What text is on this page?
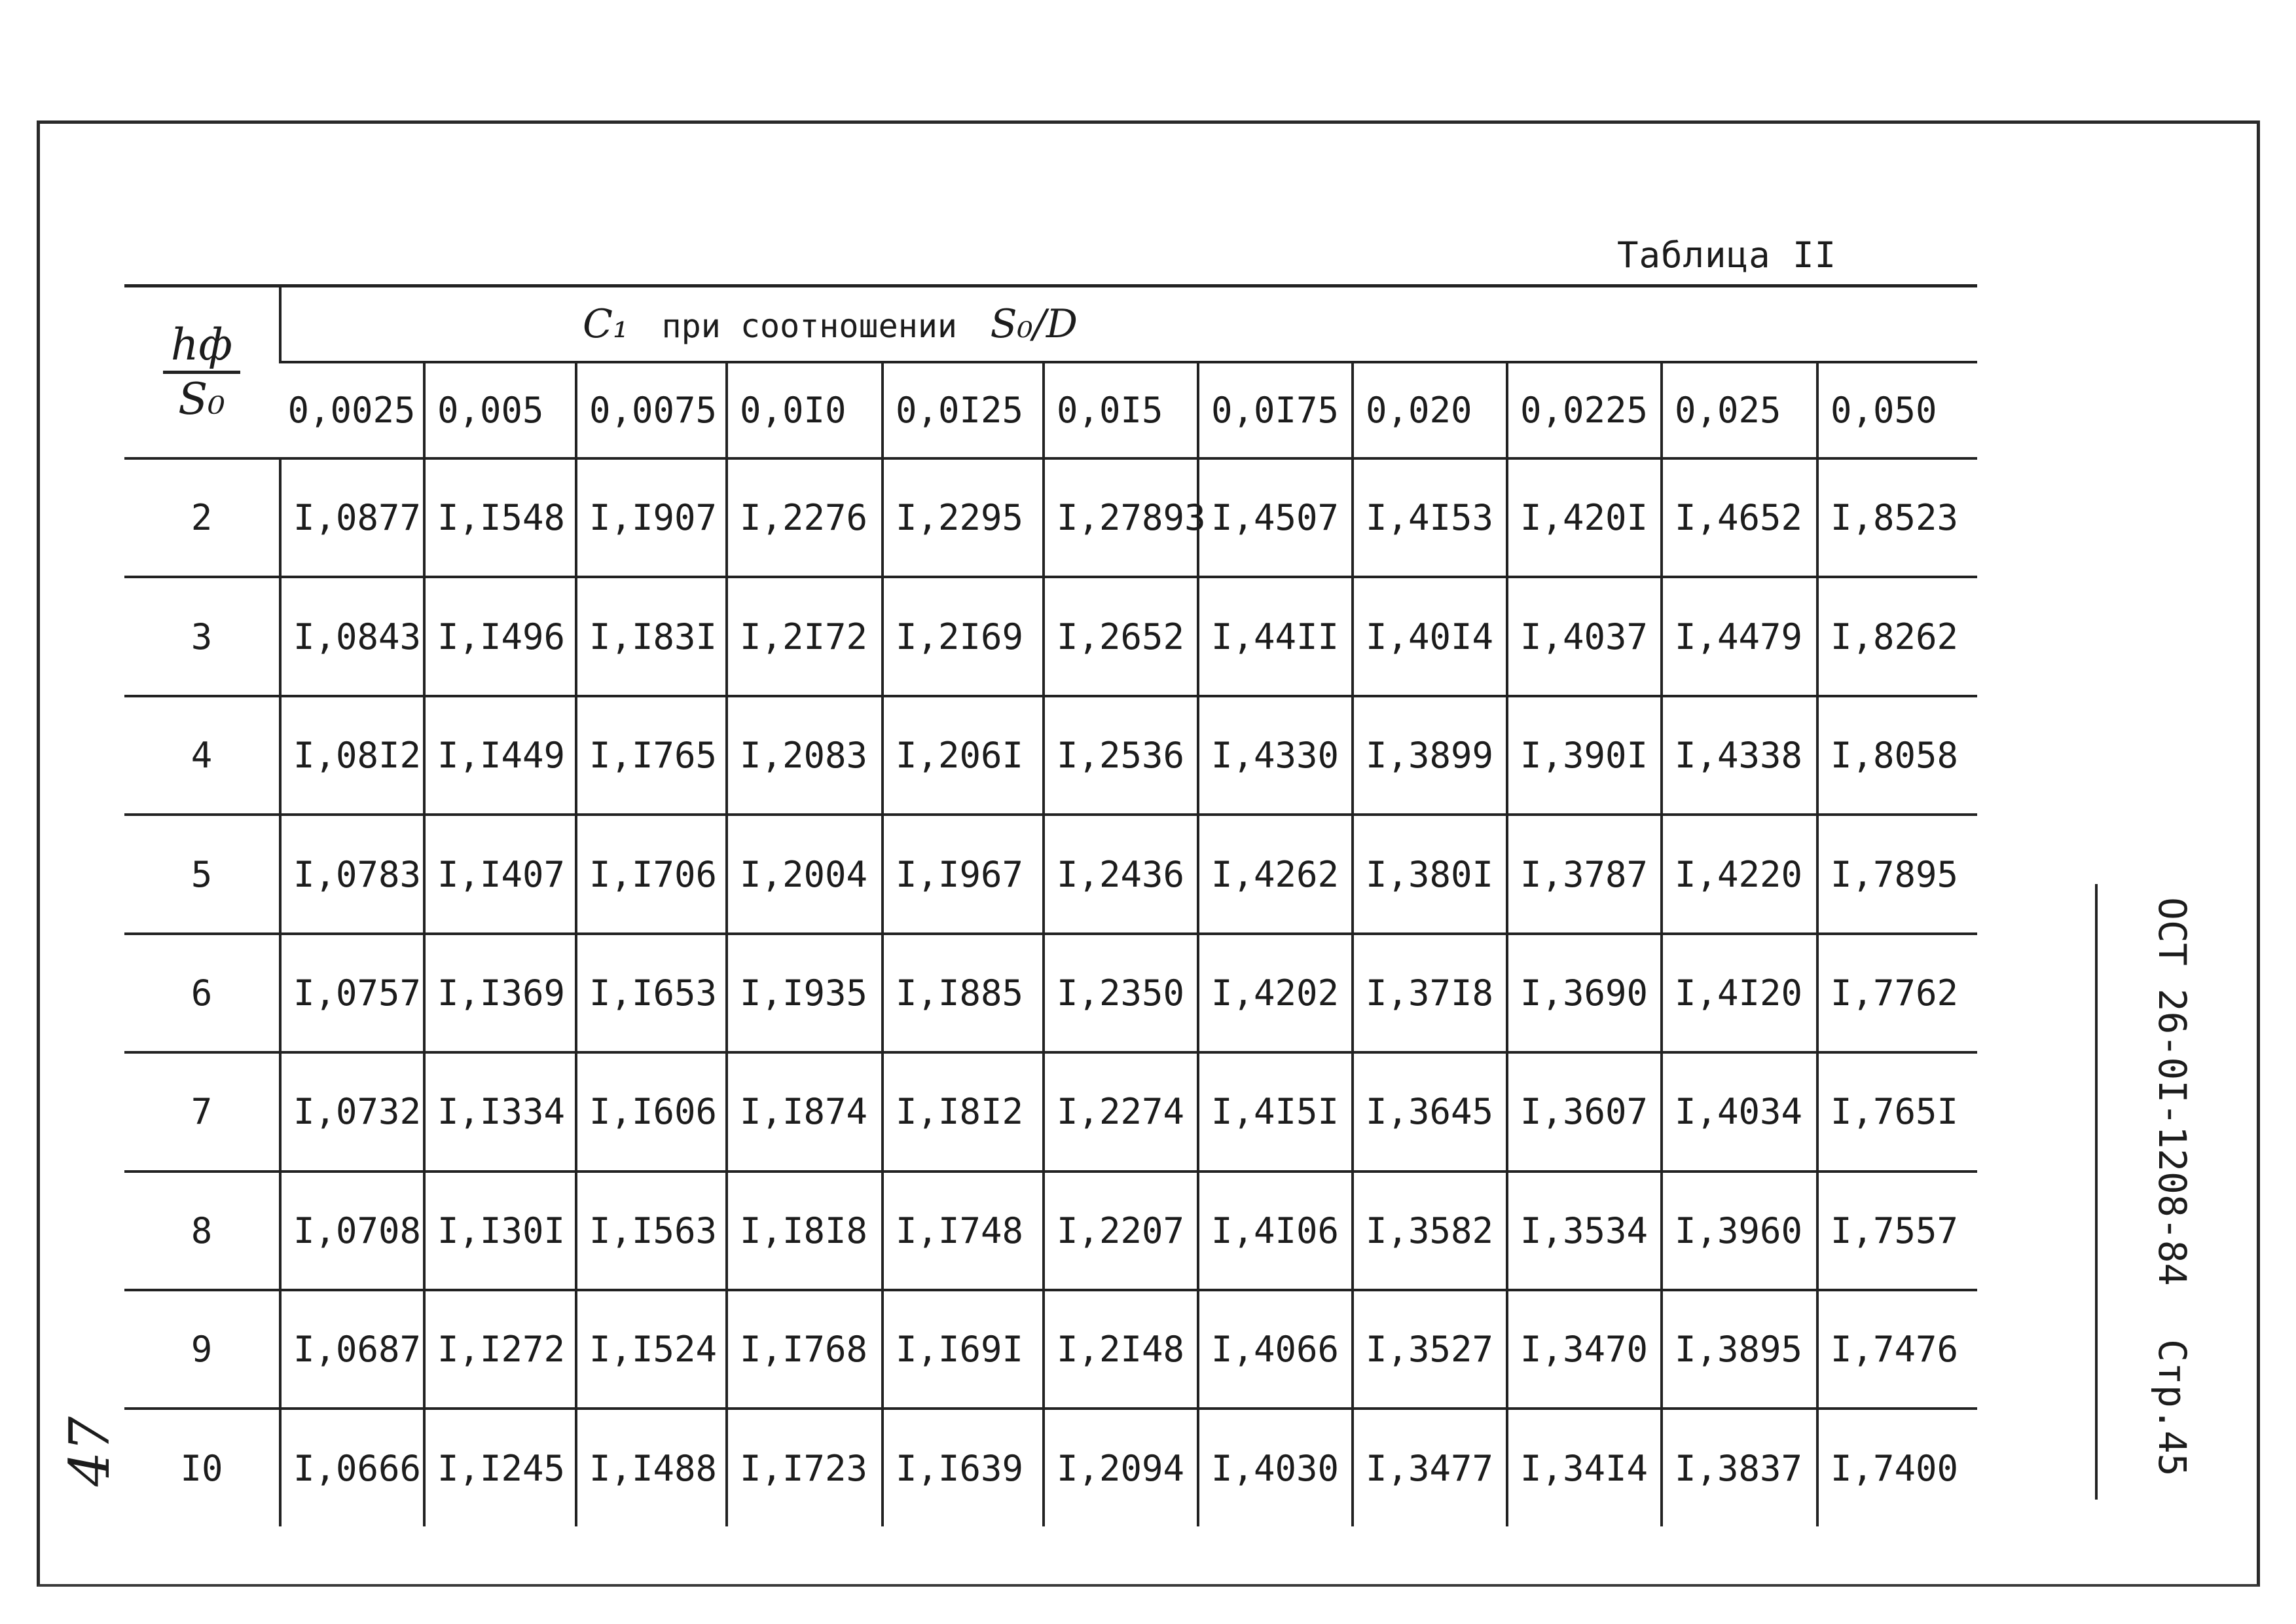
Таблица II
$\frac{hф}{\text{S₀}}$	C₁ при соотношении S₀/D										
	0,0025	0,005	0,0075	0,0I0	0,0I25	0,0I5	0,0I75	0,020	0,0225	0,025	0,050
2	I,0877	I,I548	I,I907	I,2276	I,2295	I,27893	I,4507	I,4I53	I,420I	I,4652	I,8523
3	I,0843	I,I496	I,I83I	I,2I72	I,2I69	I,2652	I,44II	I,40I4	I,4037	I,4479	I,8262
4	I,08I2	I,I449	I,I765	I,2083	I,206I	I,2536	I,4330	I,3899	I,390I	I,4338	I,8058
5	I,0783	I,I407	I,I706	I,2004	I,I967	I,2436	I,4262	I,380I	I,3787	I,4220	I,7895
6	I,0757	I,I369	I,I653	I,I935	I,I885	I,2350	I,4202	I,37I8	I,3690	I,4I20	I,7762
7	I,0732	I,I334	I,I606	I,I874	I,I8I2	I,2274	I,4I5I	I,3645	I,3607	I,4034	I,765I
8	I,0708	I,I30I	I,I563	I,I8I8	I,I748	I,2207	I,4I06	I,3582	I,3534	I,3960	I,7557
9	I,0687	I,I272	I,I524	I,I768	I,I69I	I,2I48	I,4066	I,3527	I,3470	I,3895	I,7476
I0	I,0666	I,I245	I,I488	I,I723	I,I639	I,2094	I,4030	I,3477	I,34I4	I,3837	I,7400
ОСТ 26-0I-1208-84
Стр.45
47
